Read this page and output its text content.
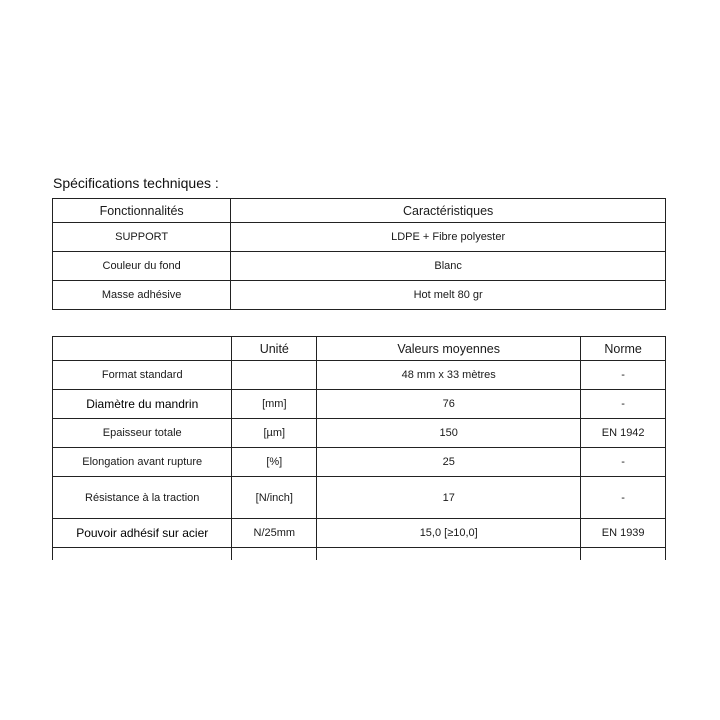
Spécifications techniques :
Fonctionnalités	Caractéristiques
SUPPORT	LDPE + Fibre polyester
Couleur du fond	Blanc
Masse adhésive	Hot melt 80 gr
	Unité	Valeurs moyennes	Norme
Format standard		48 mm x 33 mètres	-
Diamètre du mandrin	[mm]	76	-
Epaisseur totale	[µm]	150	EN 1942
Elongation avant rupture	[%]	25	-
Résistance à la traction	[N/inch]	17	-
Pouvoir adhésif sur acier	N/25mm	15,0 [≥10,0]	EN 1939
